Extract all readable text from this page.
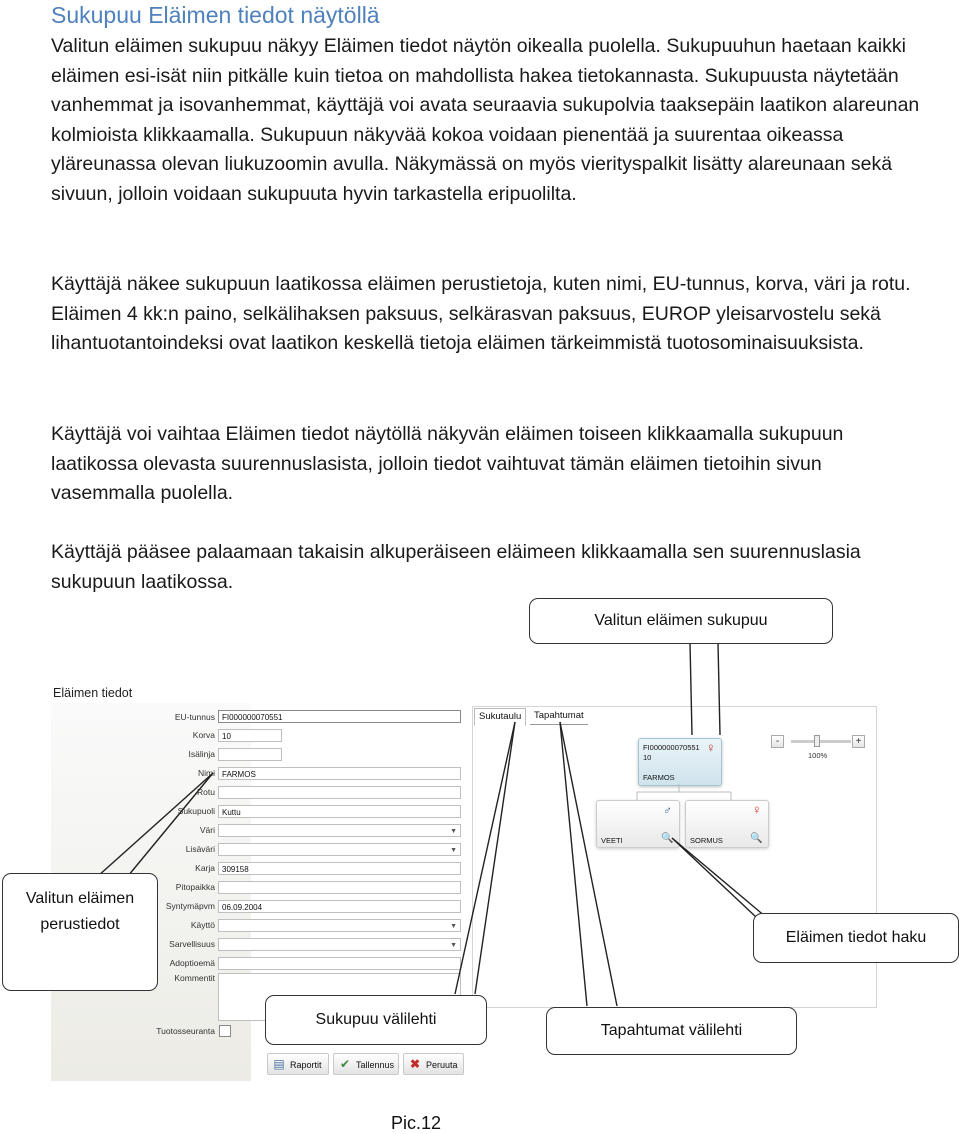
Sukupuu Eläimen tiedot näytöllä

Valitun eläimen sukupuu näkyy Eläimen tiedot näytön oikealla puolella. Sukupuuhun haetaan kaikki eläimen esi-isät niin pitkälle kuin tietoa on mahdollista hakea tietokannasta. Sukupuusta näytetään vanhemmat ja isovanhemmat, käyttäjä voi avata seuraavia sukupolvia taaksepäin laatikon alareunan kolmioista klikkaamalla. Sukupuun näkyvää kokoa voidaan pienentää ja suurentaa oikeassa yläreunassa olevan liukuzoomin avulla. Näkymässä on myös vierityspalkit lisätty alareunaan sekä sivuun, jolloin voidaan sukupuuta hyvin tarkastella eripuolilta.

Käyttäjä näkee sukupuun laatikossa eläimen perustietoja, kuten nimi, EU-tunnus, korva, väri ja rotu. Eläimen 4 kk:n paino, selkälihaksen paksuus, selkärasvan paksuus, EUROP yleisarvostelu sekä lihantuotantoindeksi ovat laatikon keskellä tietoja eläimen tärkeimmistä tuotosominaisuuksista.

Käyttäjä voi vaihtaa Eläimen tiedot näytöllä näkyvän eläimen toiseen klikkaamalla sukupuun laatikossa olevasta suurennuslasista, jolloin tiedot vaihtuvat tämän eläimen tietoihin sivun vasemmalla puolella.

Käyttäjä pääsee palaamaan takaisin alkuperäiseen eläimeen klikkaamalla sen suurennuslasia sukupuun laatikossa.

Eläimen tiedot
EU-tunnus FI000000070551
Korva 10
Isälinja
Nimi FARMOS
Rotu
Sukupuoli Kuttu
Väri	▼
Lisäväri	▼
Karja 309158
Pitopaikka
Syntymäpvm 06.09.2004
Käyttö	▼
Sarvellisuus	▼
Adoptioemä
Kommentit
Tuotosseuranta
▤ Raportit	✔ Tallennus	✖ Peruuta
Sukutaulu	Tapahtumat
-	+
100%
FI000000070551
10
FARMOS
♀
♂
VEETI	🔍
♀
SORMUS	🔍
Valitun eläimen sukupuu
Valitun eläimen perustiedot
Eläimen tiedot haku
Sukupuu välilehti
Tapahtumat välilehti
Pic.12
